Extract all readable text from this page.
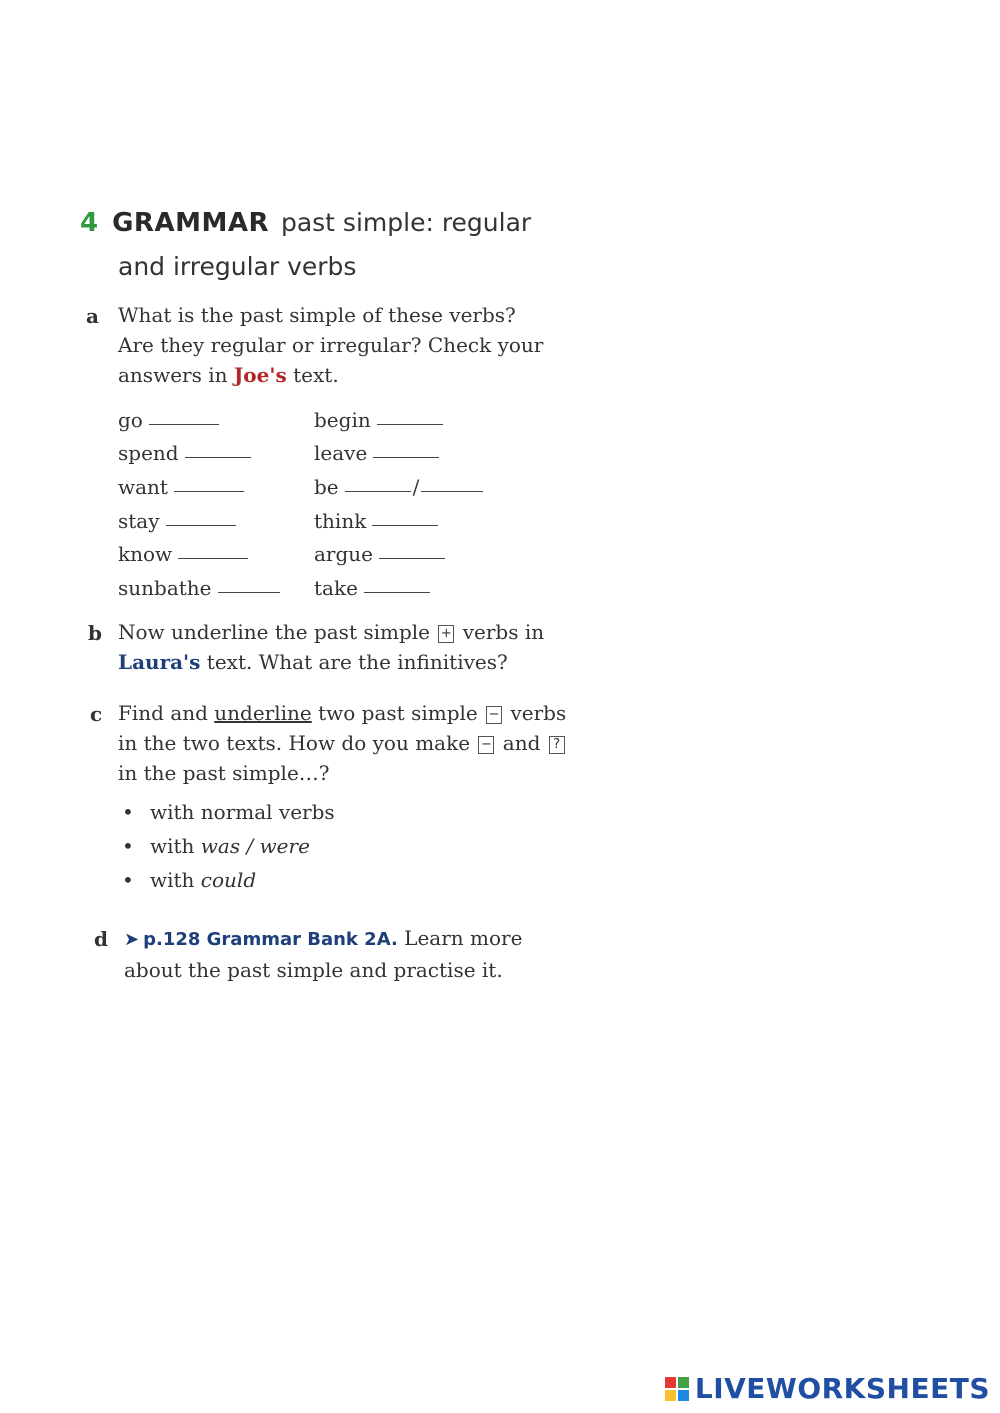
4 GRAMMAR past simple: regular
and irregular verbs
a What is the past simple of these verbs?
Are they regular or irregular? Check your
answers in Joe's text.
go
spend
want
stay
know
sunbathe
begin
leave
be	/
think
argue
take
b Now underline the past simple + verbs in
Laura's text. What are the infinitives?
c Find and underline two past simple − verbs
in the two texts. How do you make − and ?
in the past simple…?
• with normal verbs
• with was / were
• with could
d ➤ p.128 Grammar Bank 2A. Learn more
about the past simple and practise it.
LIVEWORKSHEETS
